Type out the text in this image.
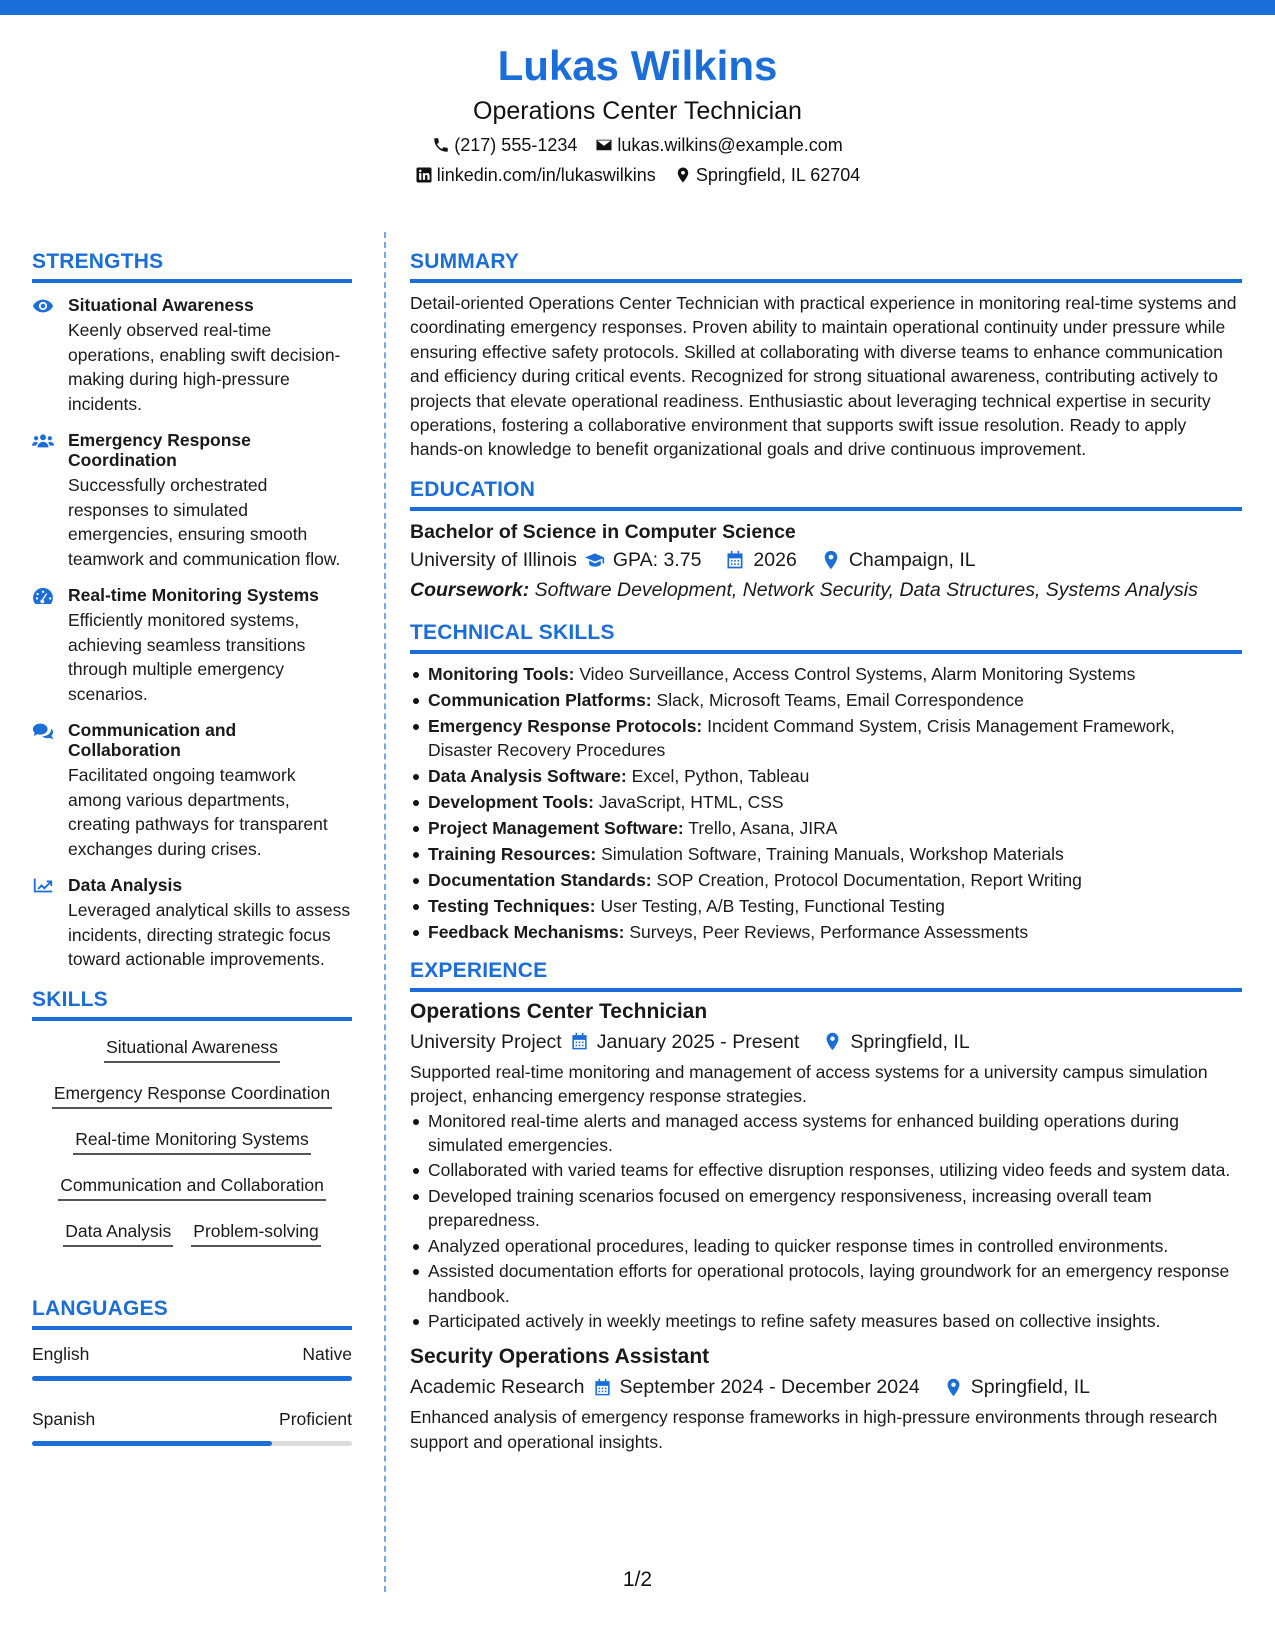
Lukas Wilkins
Operations Center Technician
(217) 555-1234 lukas.wilkins@example.com
linkedin.com/in/lukaswilkins Springfield, IL 62704
STRENGTHS
Situational Awareness
Keenly observed real-time operations, enabling swift decision-making during high-pressure incidents.
Emergency Response Coordination
Successfully orchestrated responses to simulated emergencies, ensuring smooth teamwork and communication flow.
Real-time Monitoring Systems
Efficiently monitored systems, achieving seamless transitions through multiple emergency scenarios.
Communication and Collaboration
Facilitated ongoing teamwork among various departments, creating pathways for transparent exchanges during crises.
Data Analysis
Leveraged analytical skills to assess incidents, directing strategic focus toward actionable improvements.
SKILLS
Situational Awareness
Emergency Response Coordination
Real-time Monitoring Systems
Communication and Collaboration
Data Analysis Problem-solving
LANGUAGES
English	Native
Spanish	Proficient
SUMMARY

Detail-oriented Operations Center Technician with practical experience in monitoring real-time systems and coordinating emergency responses. Proven ability to maintain operational continuity under pressure while ensuring effective safety protocols. Skilled at collaborating with diverse teams to enhance communication and efficiency during critical events. Recognized for strong situational awareness, contributing actively to projects that elevate operational readiness. Enthusiastic about leveraging technical expertise in security operations, fostering a collaborative environment that supports swift issue resolution. Ready to apply hands-on knowledge to benefit organizational goals and drive continuous improvement.

EDUCATION
Bachelor of Science in Computer Science
University of Illinois GPA: 3.75	2026	Champaign, IL
Coursework: Software Development, Network Security, Data Structures, Systems Analysis
TECHNICAL SKILLS
Monitoring Tools: Video Surveillance, Access Control Systems, Alarm Monitoring Systems
Communication Platforms: Slack, Microsoft Teams, Email Correspondence
Emergency Response Protocols: Incident Command System, Crisis Management Framework, Disaster Recovery Procedures
Data Analysis Software: Excel, Python, Tableau
Development Tools: JavaScript, HTML, CSS
Project Management Software: Trello, Asana, JIRA
Training Resources: Simulation Software, Training Manuals, Workshop Materials
Documentation Standards: SOP Creation, Protocol Documentation, Report Writing
Testing Techniques: User Testing, A/B Testing, Functional Testing
Feedback Mechanisms: Surveys, Peer Reviews, Performance Assessments
EXPERIENCE
Operations Center Technician
University Project January 2025 - Present	Springfield, IL

Supported real-time monitoring and management of access systems for a university campus simulation project, enhancing emergency response strategies.

Monitored real-time alerts and managed access systems for enhanced building operations during simulated emergencies.
Collaborated with varied teams for effective disruption responses, utilizing video feeds and system data.
Developed training scenarios focused on emergency responsiveness, increasing overall team preparedness.
Analyzed operational procedures, leading to quicker response times in controlled environments.
Assisted documentation efforts for operational protocols, laying groundwork for an emergency response handbook.
Participated actively in weekly meetings to refine safety measures based on collective insights.
Security Operations Assistant
Academic Research September 2024 - December 2024	Springfield, IL

Enhanced analysis of emergency response frameworks in high-pressure environments through research support and operational insights.

1/2
